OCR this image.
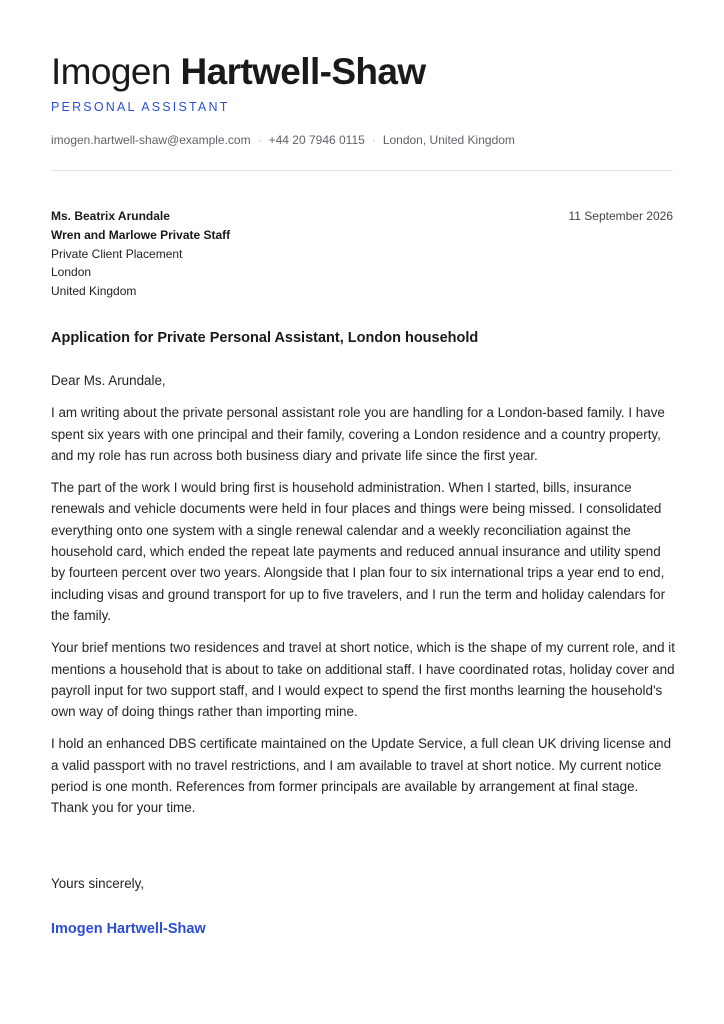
Imogen Hartwell-Shaw
PERSONAL ASSISTANT
imogen.hartwell-shaw@example.com · +44 20 7946 0115 · London, United Kingdom
Ms. Beatrix Arundale
Wren and Marlowe Private Staff
Private Client Placement
London
United Kingdom
11 September 2026
Application for Private Personal Assistant, London household

Dear Ms. Arundale,

I am writing about the private personal assistant role you are handling for a London-based family. I have spent six years with one principal and their family, covering a London residence and a country property, and my role has run across both business diary and private life since the first year.

The part of the work I would bring first is household administration. When I started, bills, insurance renewals and vehicle documents were held in four places and things were being missed. I consolidated everything onto one system with a single renewal calendar and a weekly reconciliation against the household card, which ended the repeat late payments and reduced annual insurance and utility spend by fourteen percent over two years. Alongside that I plan four to six international trips a year end to end, including visas and ground transport for up to five travelers, and I run the term and holiday calendars for the family.

Your brief mentions two residences and travel at short notice, which is the shape of my current role, and it mentions a household that is about to take on additional staff. I have coordinated rotas, holiday cover and payroll input for two support staff, and I would expect to spend the first months learning the household's own way of doing things rather than importing mine.

I hold an enhanced DBS certificate maintained on the Update Service, a full clean UK driving license and a valid passport with no travel restrictions, and I am available to travel at short notice. My current notice period is one month. References from former principals are available by arrangement at final stage. Thank you for your time.

Yours sincerely,
Imogen Hartwell-Shaw
